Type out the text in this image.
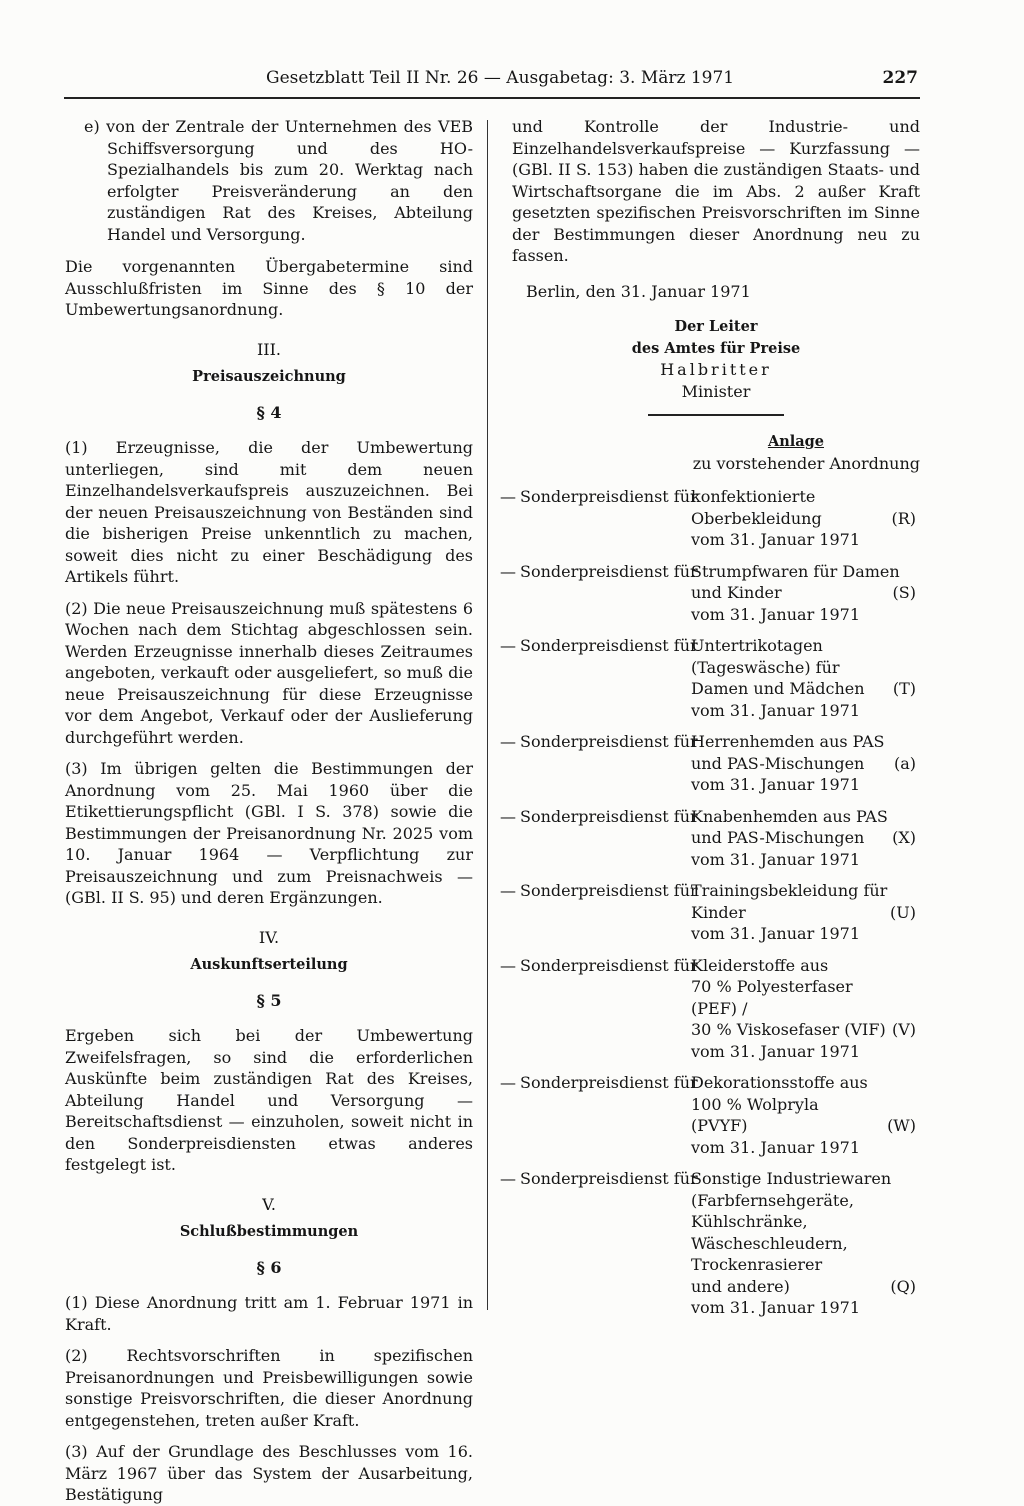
Gesetzblatt Teil II Nr. 26 — Ausgabetag: 3. März 1971	227

e) von der Zentrale der Unternehmen des VEB Schiffsversorgung und des HO-Spezialhandels bis zum 20. Werktag nach erfolgter Preisveränderung an den zuständigen Rat des Kreises, Abteilung Handel und Versorgung.

Die vorgenannten Übergabetermine sind Ausschlußfristen im Sinne des § 10 der Umbewertungsanordnung.

III.
Preisauszeichnung
§ 4

(1) Erzeugnisse, die der Umbewertung unterliegen, sind mit dem neuen Einzelhandelsverkaufspreis auszuzeichnen. Bei der neuen Preisauszeichnung von Beständen sind die bisherigen Preise unkenntlich zu machen, soweit dies nicht zu einer Beschädigung des Artikels führt.

(2) Die neue Preisauszeichnung muß spätestens 6 Wochen nach dem Stichtag abgeschlossen sein. Werden Erzeugnisse innerhalb dieses Zeitraumes angeboten, verkauft oder ausgeliefert, so muß die neue Preisauszeichnung für diese Erzeugnisse vor dem Angebot, Verkauf oder der Auslieferung durchgeführt werden.

(3) Im übrigen gelten die Bestimmungen der Anordnung vom 25. Mai 1960 über die Etikettierungspflicht (GBl. I S. 378) sowie die Bestimmungen der Preisanordnung Nr. 2025 vom 10. Januar 1964 — Verpflichtung zur Preisauszeichnung und zum Preisnachweis — (GBl. II S. 95) und deren Ergänzungen.

IV.
Auskunftserteilung
§ 5

Ergeben sich bei der Umbewertung Zweifelsfragen, so sind die erforderlichen Auskünfte beim zuständigen Rat des Kreises, Abteilung Handel und Versorgung — Bereitschaftsdienst — einzuholen, soweit nicht in den Sonderpreisdiensten etwas anderes festgelegt ist.

V.
Schlußbestimmungen
§ 6

(1) Diese Anordnung tritt am 1. Februar 1971 in Kraft.

(2) Rechtsvorschriften in spezifischen Preisanordnungen und Preisbewilligungen sowie sonstige Preisvorschriften, die dieser Anordnung entgegenstehen, treten außer Kraft.

(3) Auf der Grundlage des Beschlusses vom 16. März 1967 über das System der Ausarbeitung, Bestätigung

und Kontrolle der Industrie- und Einzelhandelsverkaufspreise — Kurzfassung — (GBl. II S. 153) haben die zuständigen Staats- und Wirtschaftsorgane die im Abs. 2 außer Kraft gesetzten spezifischen Preisvorschriften im Sinne der Bestimmungen dieser Anordnung neu zu fassen.

Berlin, den 31. Januar 1971
Der Leiter
des Amtes für Preise
Halbritter
Minister
Anlage
zu vorstehender Anordnung
— Sonderpreisdienst für
konfektionierte
Oberbekleidung
vom 31. Januar 1971
(R)
— Sonderpreisdienst für
Strumpfwaren für Damen
und Kinder
vom 31. Januar 1971
(S)
— Sonderpreisdienst für
Untertrikotagen
(Tageswäsche) für
Damen und Mädchen
vom 31. Januar 1971
(T)
— Sonderpreisdienst für
Herrenhemden aus PAS
und PAS-Mischungen
vom 31. Januar 1971
(a)
— Sonderpreisdienst für
Knabenhemden aus PAS
und PAS-Mischungen
vom 31. Januar 1971
(X)
— Sonderpreisdienst für
Trainingsbekleidung für
Kinder
vom 31. Januar 1971
(U)
— Sonderpreisdienst für
Kleiderstoffe aus
70 % Polyesterfaser
(PEF) /
30 % Viskosefaser (VIF)
vom 31. Januar 1971
(V)
— Sonderpreisdienst für
Dekorationsstoffe aus
100 % Wolpryla
(PVYF)
vom 31. Januar 1971
(W)
— Sonderpreisdienst für
Sonstige Industriewaren
(Farbfernsehgeräte,
Kühlschränke,
Wäscheschleudern,
Trockenrasierer
und andere)
vom 31. Januar 1971
(Q)
